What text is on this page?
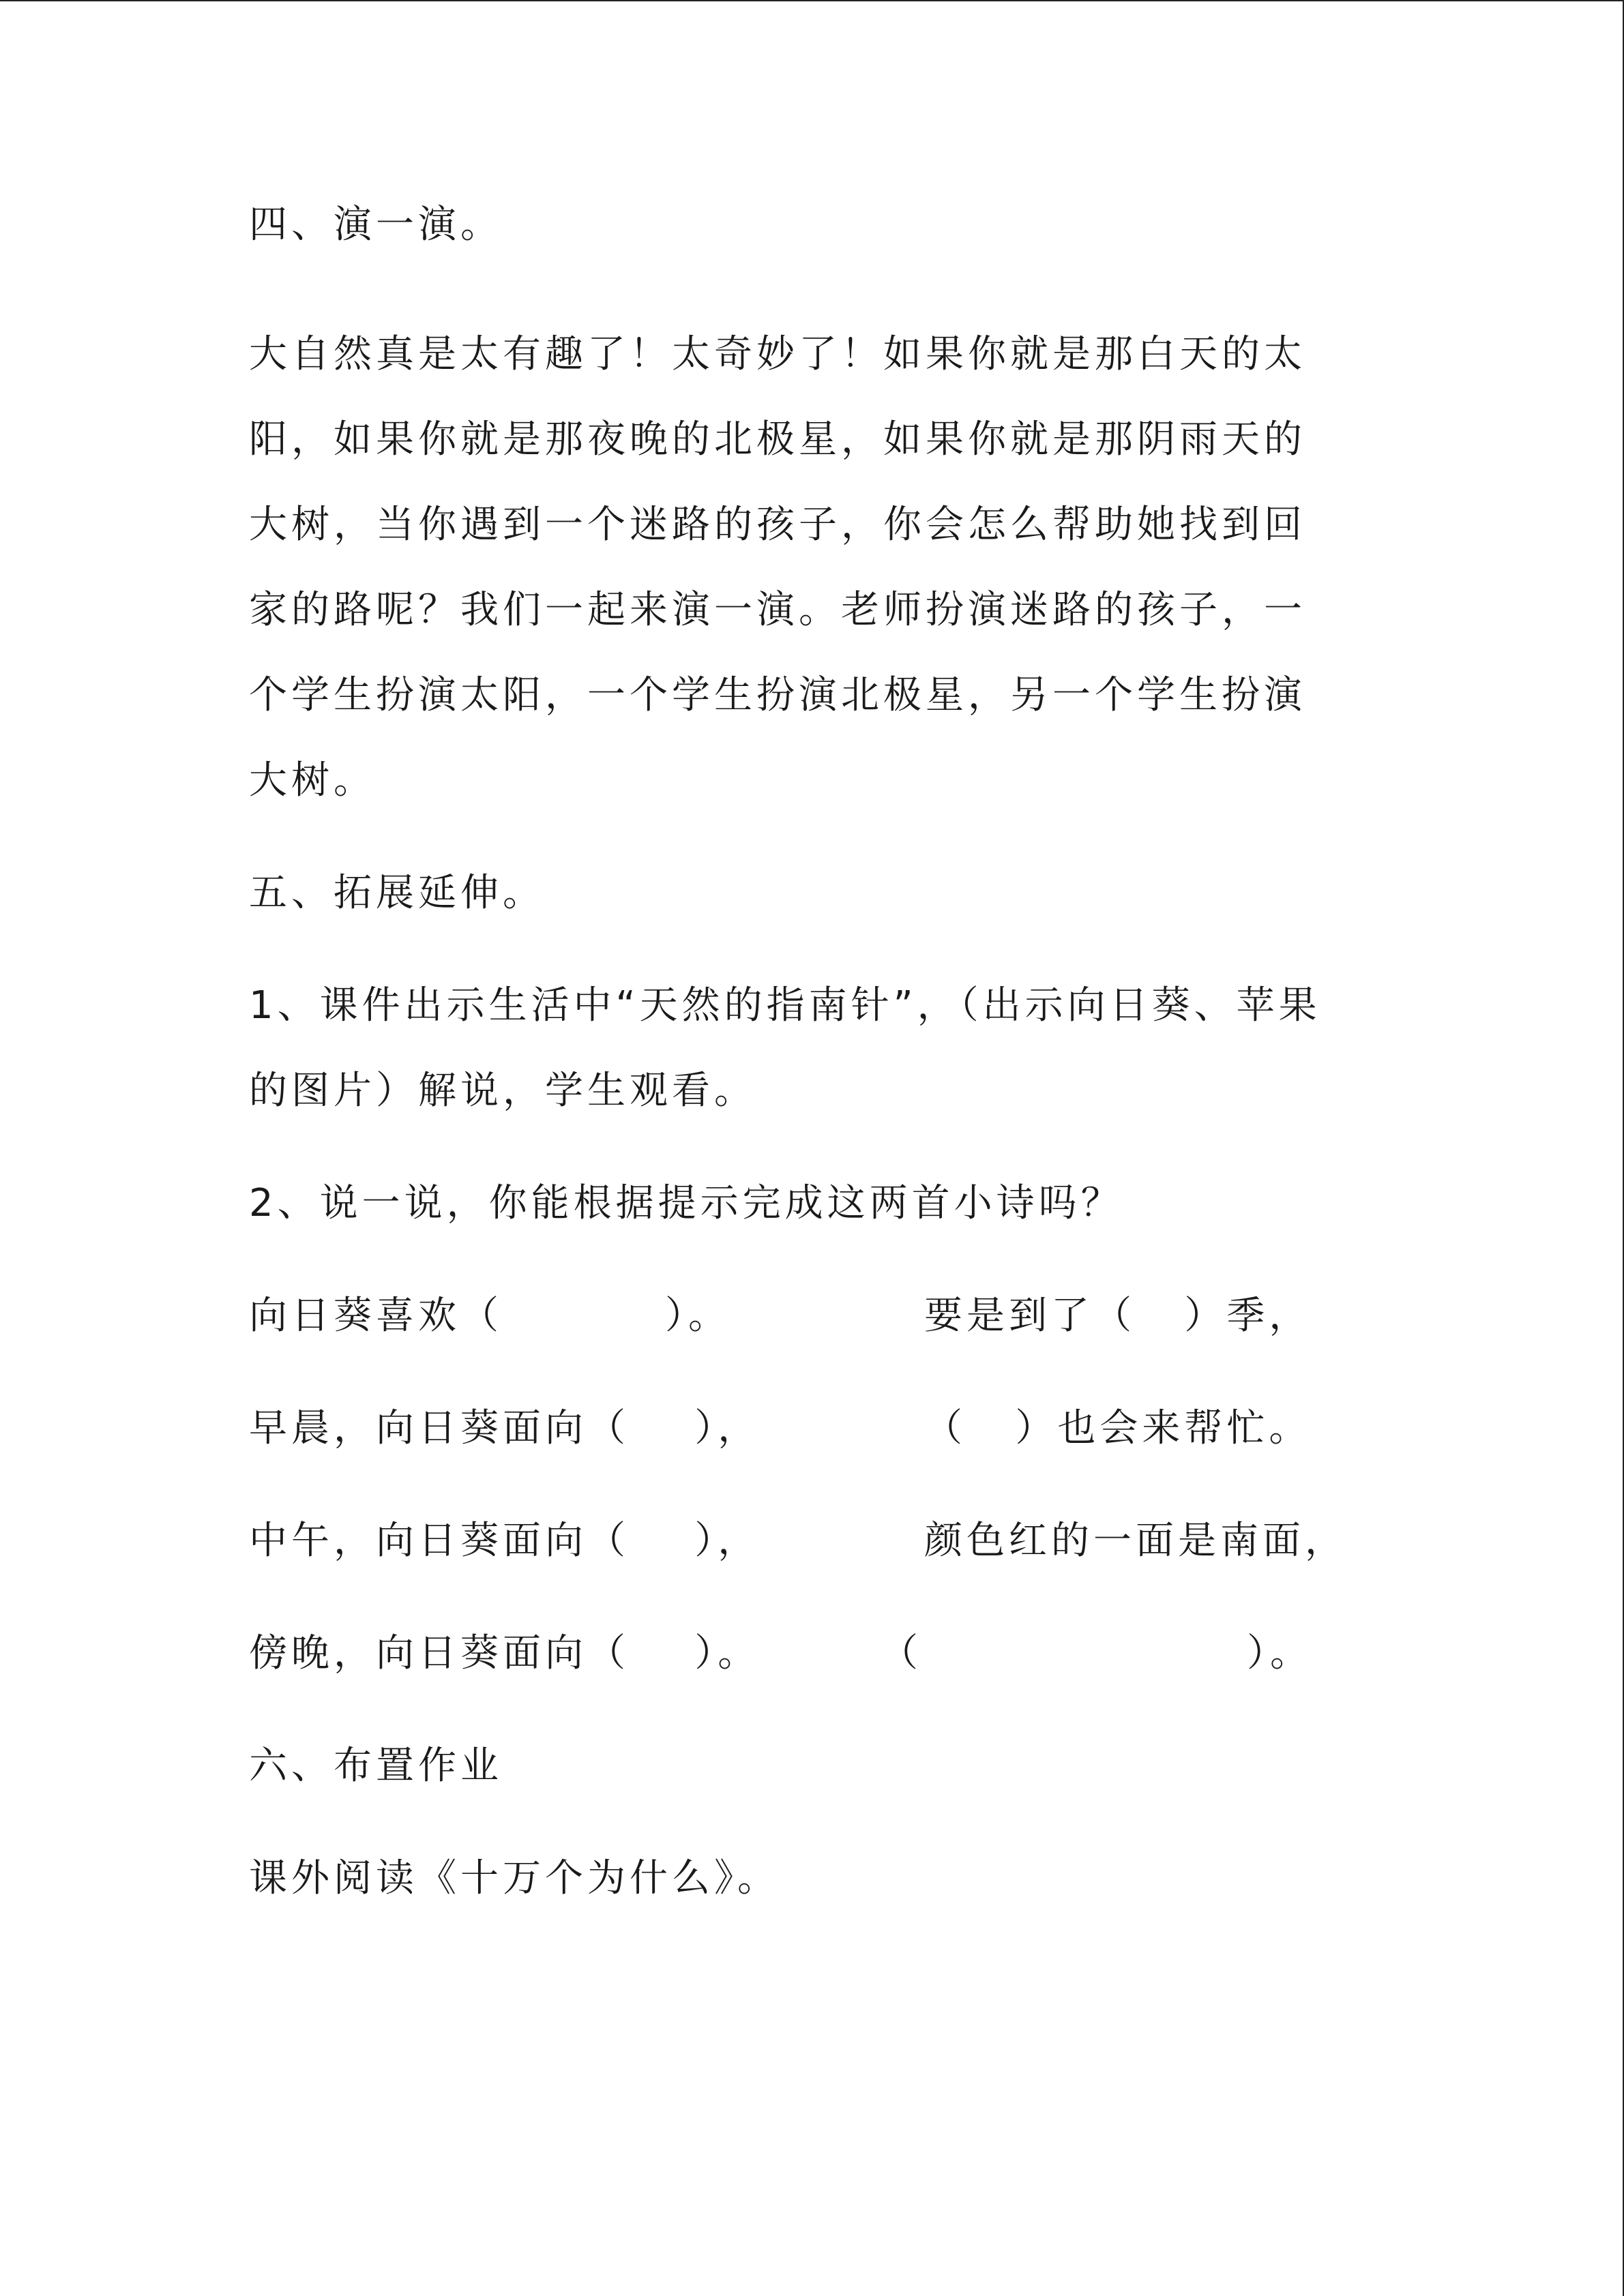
四、演一演。
大自然真是太有趣了！太奇妙了！如果你就是那白天的太
阳，如果你就是那夜晚的北极星，如果你就是那阴雨天的
大树，当你遇到一个迷路的孩子，你会怎么帮助她找到回
家的路呢？我们一起来演一演。老师扮演迷路的孩子，一
个学生扮演太阳，一个学生扮演北极星，另一个学生扮演
大树。
五、拓展延伸。
1、课件出示生活中“天然的指南针”，（出示向日葵、苹果
的图片）解说，学生观看。
2、说一说，你能根据提示完成这两首小诗吗？
向日葵喜欢（          ）。	要是到了（   ）季，
早晨，向日葵面向（    ），	（   ）也会来帮忙。
中午，向日葵面向（    ），	颜色红的一面是南面，
傍晚，向日葵面向（    ）。	（                    ）。
六、布置作业
课外阅读《十万个为什么》。
